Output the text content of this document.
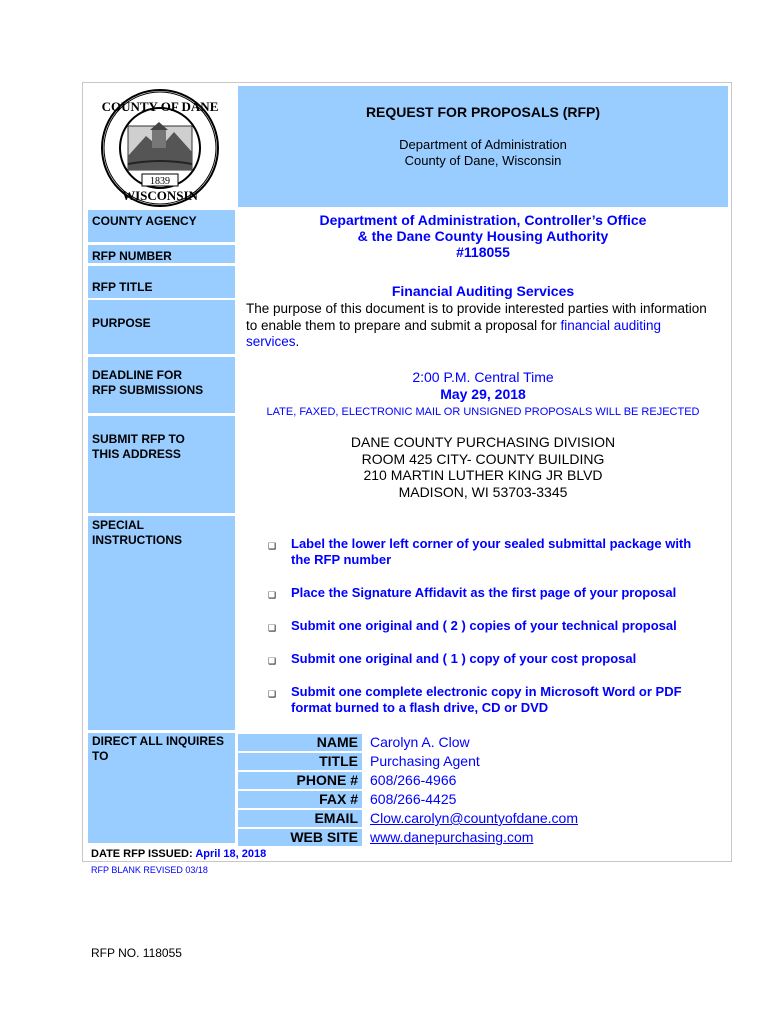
COUNTY OF DANE
1839
WISCONSIN
REQUEST FOR PROPOSALS (RFP)
Department of Administration
County of Dane, Wisconsin
COUNTY AGENCY
RFP NUMBER
RFP TITLE
PURPOSE
DEADLINE FOR
RFP SUBMISSIONS
SUBMIT RFP TO
THIS ADDRESS
SPECIAL
INSTRUCTIONS
DIRECT ALL INQUIRES
TO
Department of Administration, Controller’s Office
& the Dane County Housing Authority
#118055
Financial Auditing Services
The purpose of this document is to provide interested parties with information
to enable them to prepare and submit a proposal for financial auditing
services.
2:00 P.M. Central Time
May 29, 2018
LATE, FAXED, ELECTRONIC MAIL OR UNSIGNED PROPOSALS WILL BE REJECTED
DANE COUNTY PURCHASING DIVISION
ROOM 425 CITY- COUNTY BUILDING
210 MARTIN LUTHER KING JR BLVD
MADISON, WI 53703-3345
❑ Label the lower left corner of your sealed submittal package with
the RFP number
❑ Place the Signature Affidavit as the first page of your proposal
❑ Submit one original and ( 2 ) copies of your technical proposal
❑ Submit one original and ( 1 ) copy of your cost proposal
❑ Submit one complete electronic copy in Microsoft Word or PDF
format burned to a flash drive, CD or DVD
NAME
TITLE
PHONE #
FAX #
EMAIL
WEB SITE
Carolyn A. Clow
Purchasing Agent
608/266-4966
608/266-4425
Clow.carolyn@countyofdane.com
www.danepurchasing.com
DATE RFP ISSUED: April 18, 2018
RFP BLANK REVISED 03/18
RFP NO. 118055
